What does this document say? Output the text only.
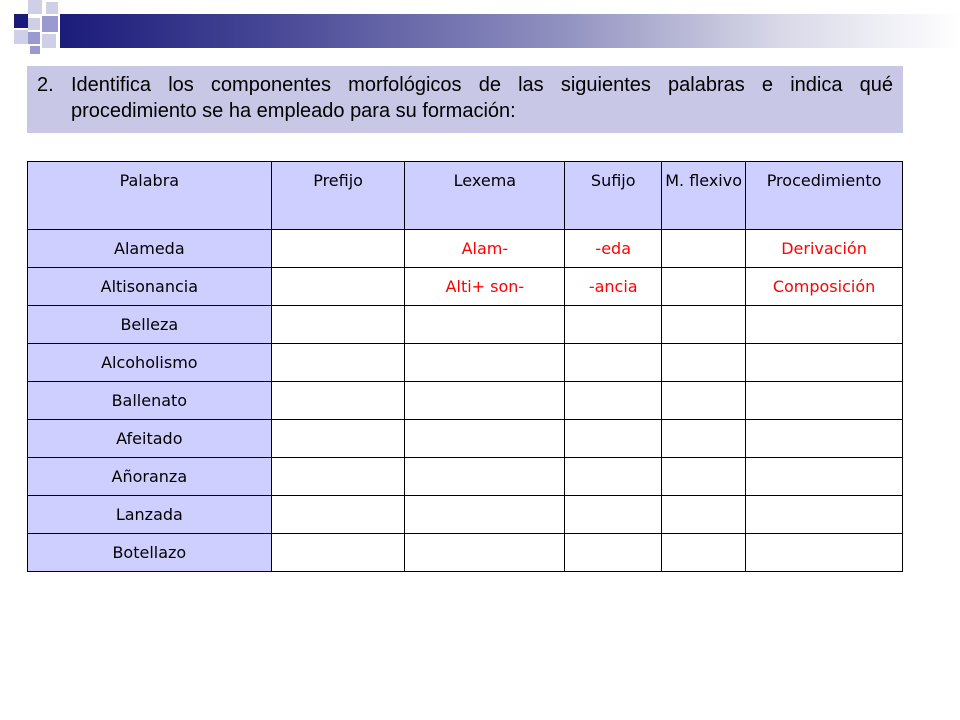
2. Identifica los componentes morfológicos de las siguientes palabras e indica qué procedimiento se ha empleado para su formación:
Palabra	Prefijo	Lexema	Sufijo	M. flexivo	Procedimiento
Alameda		Alam-	-eda		Derivación
Altisonancia		Alti+ son-	-ancia		Composición
Belleza					
Alcoholismo					
Ballenato					
Afeitado					
Añoranza					
Lanzada					
Botellazo					
